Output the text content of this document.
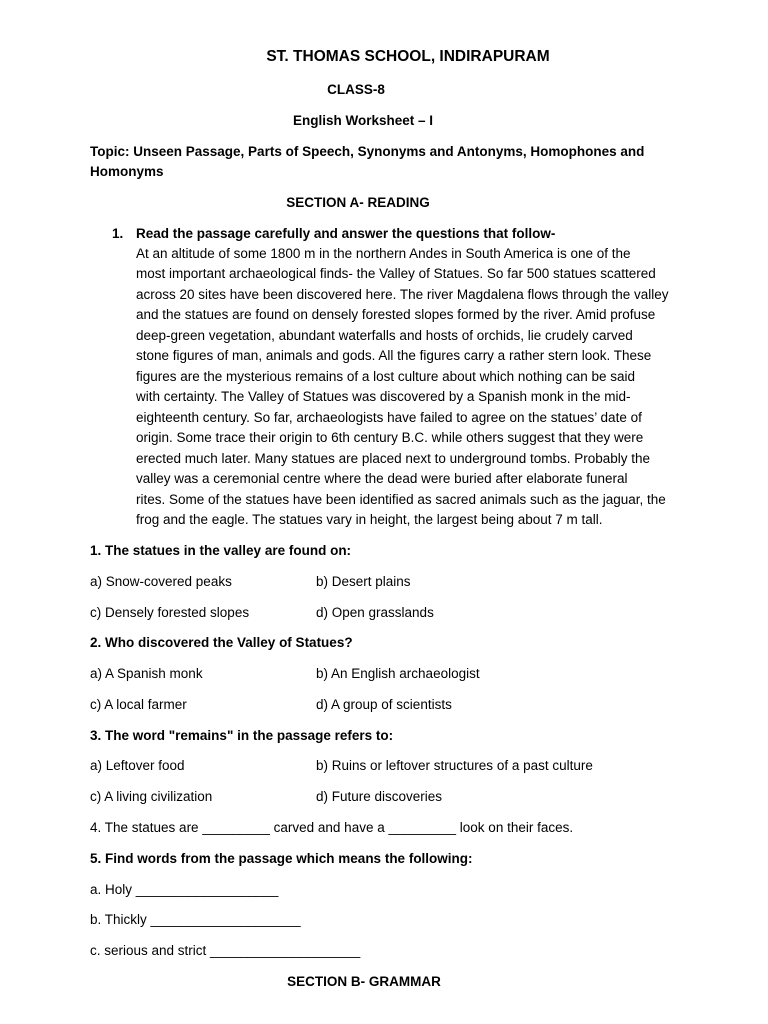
ST. THOMAS SCHOOL, INDIRAPURAM
CLASS-8
English Worksheet – I
Topic: Unseen Passage, Parts of Speech, Synonyms and Antonyms, Homophones and
Homonyms
SECTION A- READING
1. Read the passage carefully and answer the questions that follow-
At an altitude of some 1800 m in the northern Andes in South America is one of the
most important archaeological finds- the Valley of Statues. So far 500 statues scattered
across 20 sites have been discovered here. The river Magdalena flows through the valley
and the statues are found on densely forested slopes formed by the river. Amid profuse
deep-green vegetation, abundant waterfalls and hosts of orchids, lie crudely carved
stone figures of man, animals and gods. All the figures carry a rather stern look. These
figures are the mysterious remains of a lost culture about which nothing can be said
with certainty. The Valley of Statues was discovered by a Spanish monk in the mid-
eighteenth century. So far, archaeologists have failed to agree on the statues’ date of
origin. Some trace their origin to 6th century B.C. while others suggest that they were
erected much later. Many statues are placed next to underground tombs. Probably the
valley was a ceremonial centre where the dead were buried after elaborate funeral
rites. Some of the statues have been identified as sacred animals such as the jaguar, the
frog and the eagle. The statues vary in height, the largest being about 7 m tall.
1. The statues in the valley are found on:
a) Snow-covered peaks	b) Desert plains
c) Densely forested slopes	d) Open grasslands
2. Who discovered the Valley of Statues?
a) A Spanish monk	b) An English archaeologist
c) A local farmer	d) A group of scientists
3. The word "remains" in the passage refers to:
a) Leftover food	b) Ruins or leftover structures of a past culture
c) A living civilization	d) Future discoveries
4. The statues are _________ carved and have a _________ look on their faces.
5. Find words from the passage which means the following:
a. Holy ___________________
b. Thickly ____________________
c. serious and strict ____________________
SECTION B- GRAMMAR
